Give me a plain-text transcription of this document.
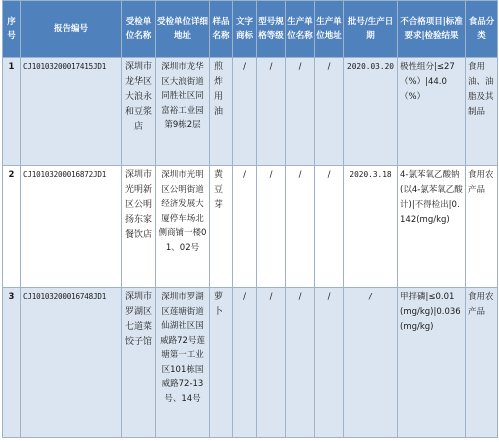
序号	报告编号	受检单位名称	受检单位详细地址	样品名称	文字商标	型号规格等级	生产单位名称	生产单位地址	批号/生产日期	不合格项目|标准要求|检验结果	食品分类
1	CJ10103200017415JD1	深圳市龙华区大浪永和豆浆店	深圳市龙华区大浪街道同胜社区同富裕工业园第9栋2层	煎炸用油	/	/	/	/	2020.03.20	极性组分|≤27（%）|44.0（%）	食用油、油脂及其制品
2	CJ10103200016872JD1	深圳市光明新区公明扬东家餐饮店	深圳市光明区公明街道经济发展大厦停车场北侧商铺一楼01、02号	黄豆芽	/	/	/	/	2020.3.18	4-氯苯氧乙酸钠(以4-氯苯氧乙酸计)|不得检出|0.142(mg/kg)	食用农产品
3	CJ10103200016748JD1	深圳市罗湖区七道菜饺子馆	深圳市罗湖区莲塘街道仙湖社区国威路72号莲塘第一工业区101栋国威路72-13号、14号	萝卜	/	/	/	/	/	甲拌磷|≤0.01(mg/kg)|0.036(mg/kg)	食用农产品
